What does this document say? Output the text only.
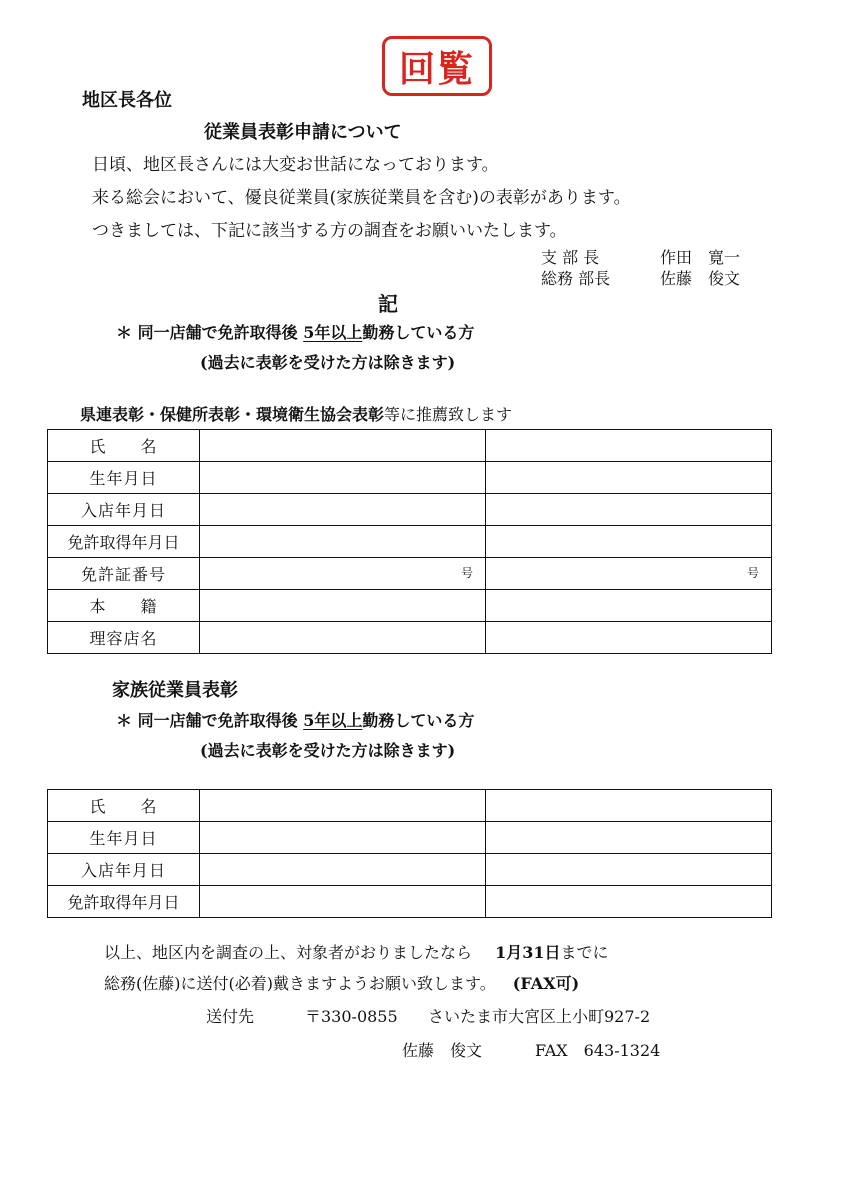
回覧
地区長各位
従業員表彰申請について
日頃、地区長さんには大変お世話になっております。
来る総会において、優良従業員(家族従業員を含む)の表彰があります。
つきましては、下記に該当する方の調査をお願いいたします。
支 部 長	作田　寛一
総務 部長	佐藤　俊文
記
＊ 同一店舗で免許取得後 5年以上勤務している方
(過去に表彰を受けた方は除きます)
県連表彰・保健所表彰・環境衛生協会表彰等に推薦致します
氏　　名		
生年月日		
入店年月日		
免許取得年月日		
免許証番号	号	号

本　　籍		
理容店名		
家族従業員表彰
＊ 同一店舗で免許取得後 5年以上勤務している方
(過去に表彰を受けた方は除きます)
氏　　名		
生年月日		
入店年月日		
免許取得年月日		
以上、地区内を調査の上、対象者がおりましたなら 1月31日までに
総務(佐藤)に送付(必着)戴きますようお願い致します。 (FAX可)
送付先	〒330-0855 さいたま市大宮区上小町927-2
佐藤　俊文	FAX　643-1324
